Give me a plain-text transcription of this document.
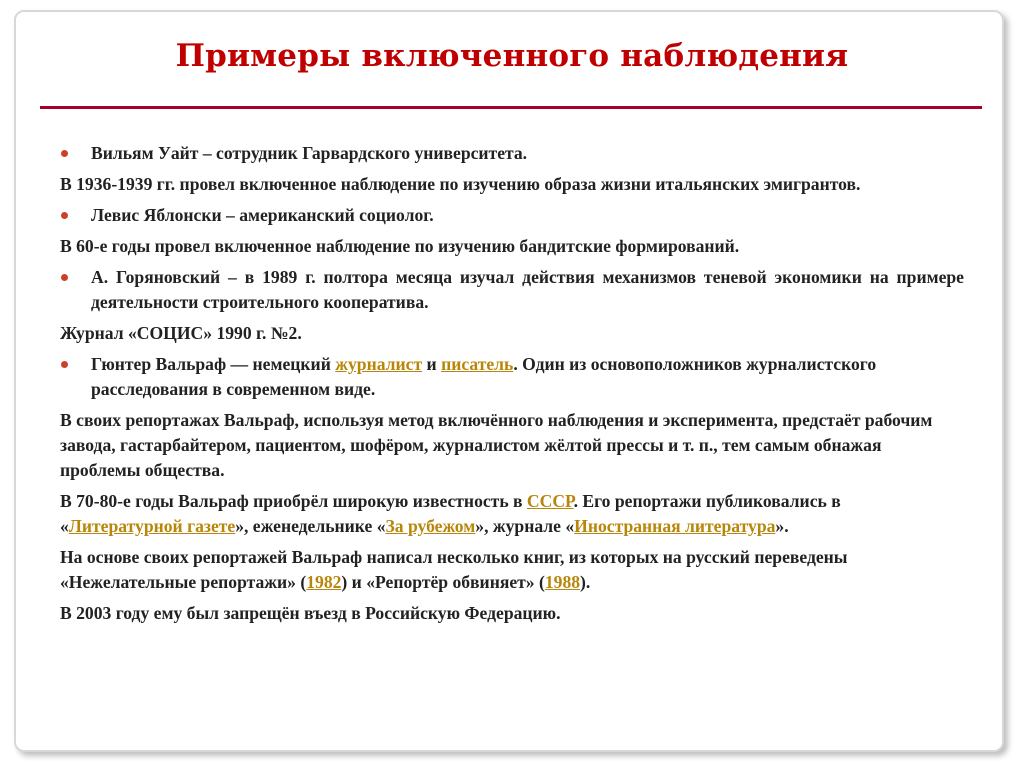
Примеры включенного наблюдения
Вильям Уайт – сотрудник Гарвардского университета.
В 1936-1939 гг. провел включенное наблюдение по изучению образа жизни итальянских эмигрантов.
Левис Яблонски – американский социолог.
В 60-е годы провел включенное наблюдение по изучению бандитские формирований.
А. Горяновский – в 1989 г. полтора месяца изучал действия механизмов теневой экономики на примере деятельности строительного кооператива.
Журнал «СОЦИС» 1990 г. №2.
Гюнтер Вальраф — немецкий журналист и писатель. Один из основоположников журналистского расследования в современном виде.
В своих репортажах Вальраф, используя метод включённого наблюдения и эксперимента, предстаёт рабочим завода, гастарбайтером, пациентом, шофёром, журналистом жёлтой прессы и т. п., тем самым обнажая проблемы общества.
В 70-80-е годы Вальраф приобрёл широкую известность в СССР. Его репортажи публиковались в «Литературной газете», еженедельнике «За рубежом», журнале «Иностранная литература».
На основе своих репортажей Вальраф написал несколько книг, из которых на русский переведены «Нежелательные репортажи» (1982) и «Репортёр обвиняет» (1988).
В 2003 году ему был запрещён въезд в Российскую Федерацию.
